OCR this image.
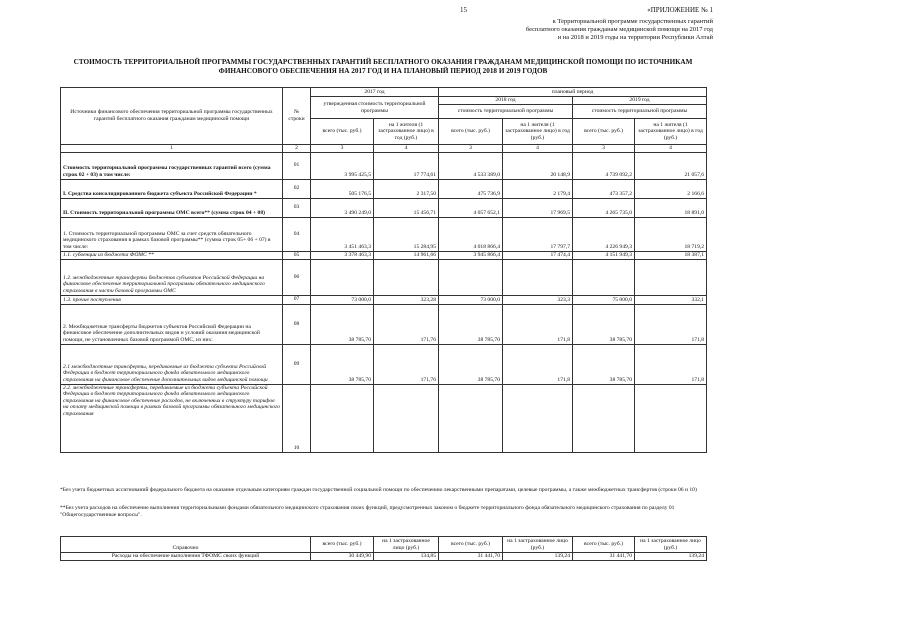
15	«ПРИЛОЖЕНИЕ № 1
к Территориальной программе государственных гарантий
бесплатного оказания гражданам медицинской помощи на 2017 год
и на 2018 и 2019 годы на территории Республики Алтай
СТОИМОСТЬ ТЕРРИТОРИАЛЬНОЙ ПРОГРАММЫ ГОСУДАРСТВЕННЫХ ГАРАНТИЙ БЕСПЛАТНОГО ОКАЗАНИЯ ГРАЖДАНАМ МЕДИЦИНСКОЙ ПОМОЩИ ПО ИСТОЧНИКАМ ФИНАНСОВОГО ОБЕСПЕЧЕНИЯ НА 2017 ГОД И НА ПЛАНОВЫЙ ПЕРИОД 2018 И 2019 ГОДОВ
Источники финансового обеспечения территориальной программы государственных гарантий бесплатного оказания гражданам медицинской помощи	№ строки	2017 год		плановый период			
		утвержденная стоимость территориальной программы		2018 год		2019 год	
				стоимость территориальной программы		стоимость территориальной программы	
		всего (тыс. руб.)	на 1 жителя (1 застрахованное лицо) в год (руб.)	всего (тыс. руб.)	на 1 жителя (1 застрахованное лицо) в год (руб.)	всего (тыс. руб.)	на 1 жителя (1 застрахованное лицо) в год (руб.)
1	2	3	4	3	4	3	4
Стоимость территориальной программы государственных гарантий всего (сумма строк 02 + 03) в том числе:	01	3 995 425,5	17 774,61	4 533 389,0	20 148,9	4 739 092,2	21 057,6
I. Средства консолидированного бюджета субъекта Российской Федерации *	02	505 176,5	2 317,50	475 736,9	2 179,4	473 357,2	2 166,6
II. Стоимость территориальной программы ОМС всего** (сумма строк 04 + 08)	03	3 490 249,0	15 456,71	4 057 652,1	17 969,5	4 265 735,0	18 891,0
1. Стоимость территориальной программы ОМС за счет средств обязательного медицинского страхования в рамках базовой программы** (сумма строк 05+ 06 + 07) в том числе:	04	3 451 463,3	15 284,95	4 018 866,4	17 797,7	4 226 949,3	18 719,2
1.1. субвенции из бюджета ФОМС **	05	3 378 463,3	14 961,66	3 945 866,4	17 474,4	4 151 949,3	18 387,1
1.2. межбюджетные трансферты бюджетов субъектов Российской Федерации на финансовое обеспечение территориальной программы обязательного медицинского страхования в части базовой программы ОМС	06						
1.3. прочие поступления	07	73 000,0	323,28	73 000,0	323,3	75 000,0	332,1
2. Межбюджетные трансферты бюджетов субъектов Российской Федерации на финансовое обеспечение дополнительных видов и условий оказания медицинской помощи, не установленных базовой программой ОМС, из них:	08	38 785,70	171,76	38 785,70	171,8	38 785,70	171,8
2.1 межбюджетные трансферты, передаваемые из бюджета субъекта Российской Федерации в бюджет территориального фонда обязательного медицинского страхования на финансовое обеспечение дополнительных видов медицинской помощи	09	38 785,70	171,76	38 785,70	171,8	38 785,70	171,8
2.2. межбюджетные трансферты, передаваемые из бюджета субъекта Российской Федерации в бюджет территориального фонда обязательного медицинского страхования на финансовое обеспечение расходов, не включенных в структуру тарифов на оплату медицинской помощи в рамках базовой программы обязательного медицинского страхования	10						
*Без учета бюджетных ассигнований федерального бюджета на оказание отдельным категориям граждан государственной социальной помощи по обеспечению лекарственными препаратами, целевые программы, а также межбюджетных трансфертов (строки 06 и 10)
**Без учета расходов на обеспечение выполнения территориальными фондами обязательного медицинского страхования своих функций, предусмотренных законом о бюджете территориального фонда обязательного медицинского страхования по разделу 01 "Общегосударственные вопросы".
Справочно	всего (тыс. руб.)	на 1 застрахованное лицо (руб.)	всего (тыс. руб.)	на 1 застрахованное лицо (руб.)	всего (тыс. руб.)	на 1 застрахованное лицо (руб.)
Расходы на обеспечение выполнения ТФОМС своих функций	30 449,90	134,85	31 441,70	139,24	31 441,70	139,24
